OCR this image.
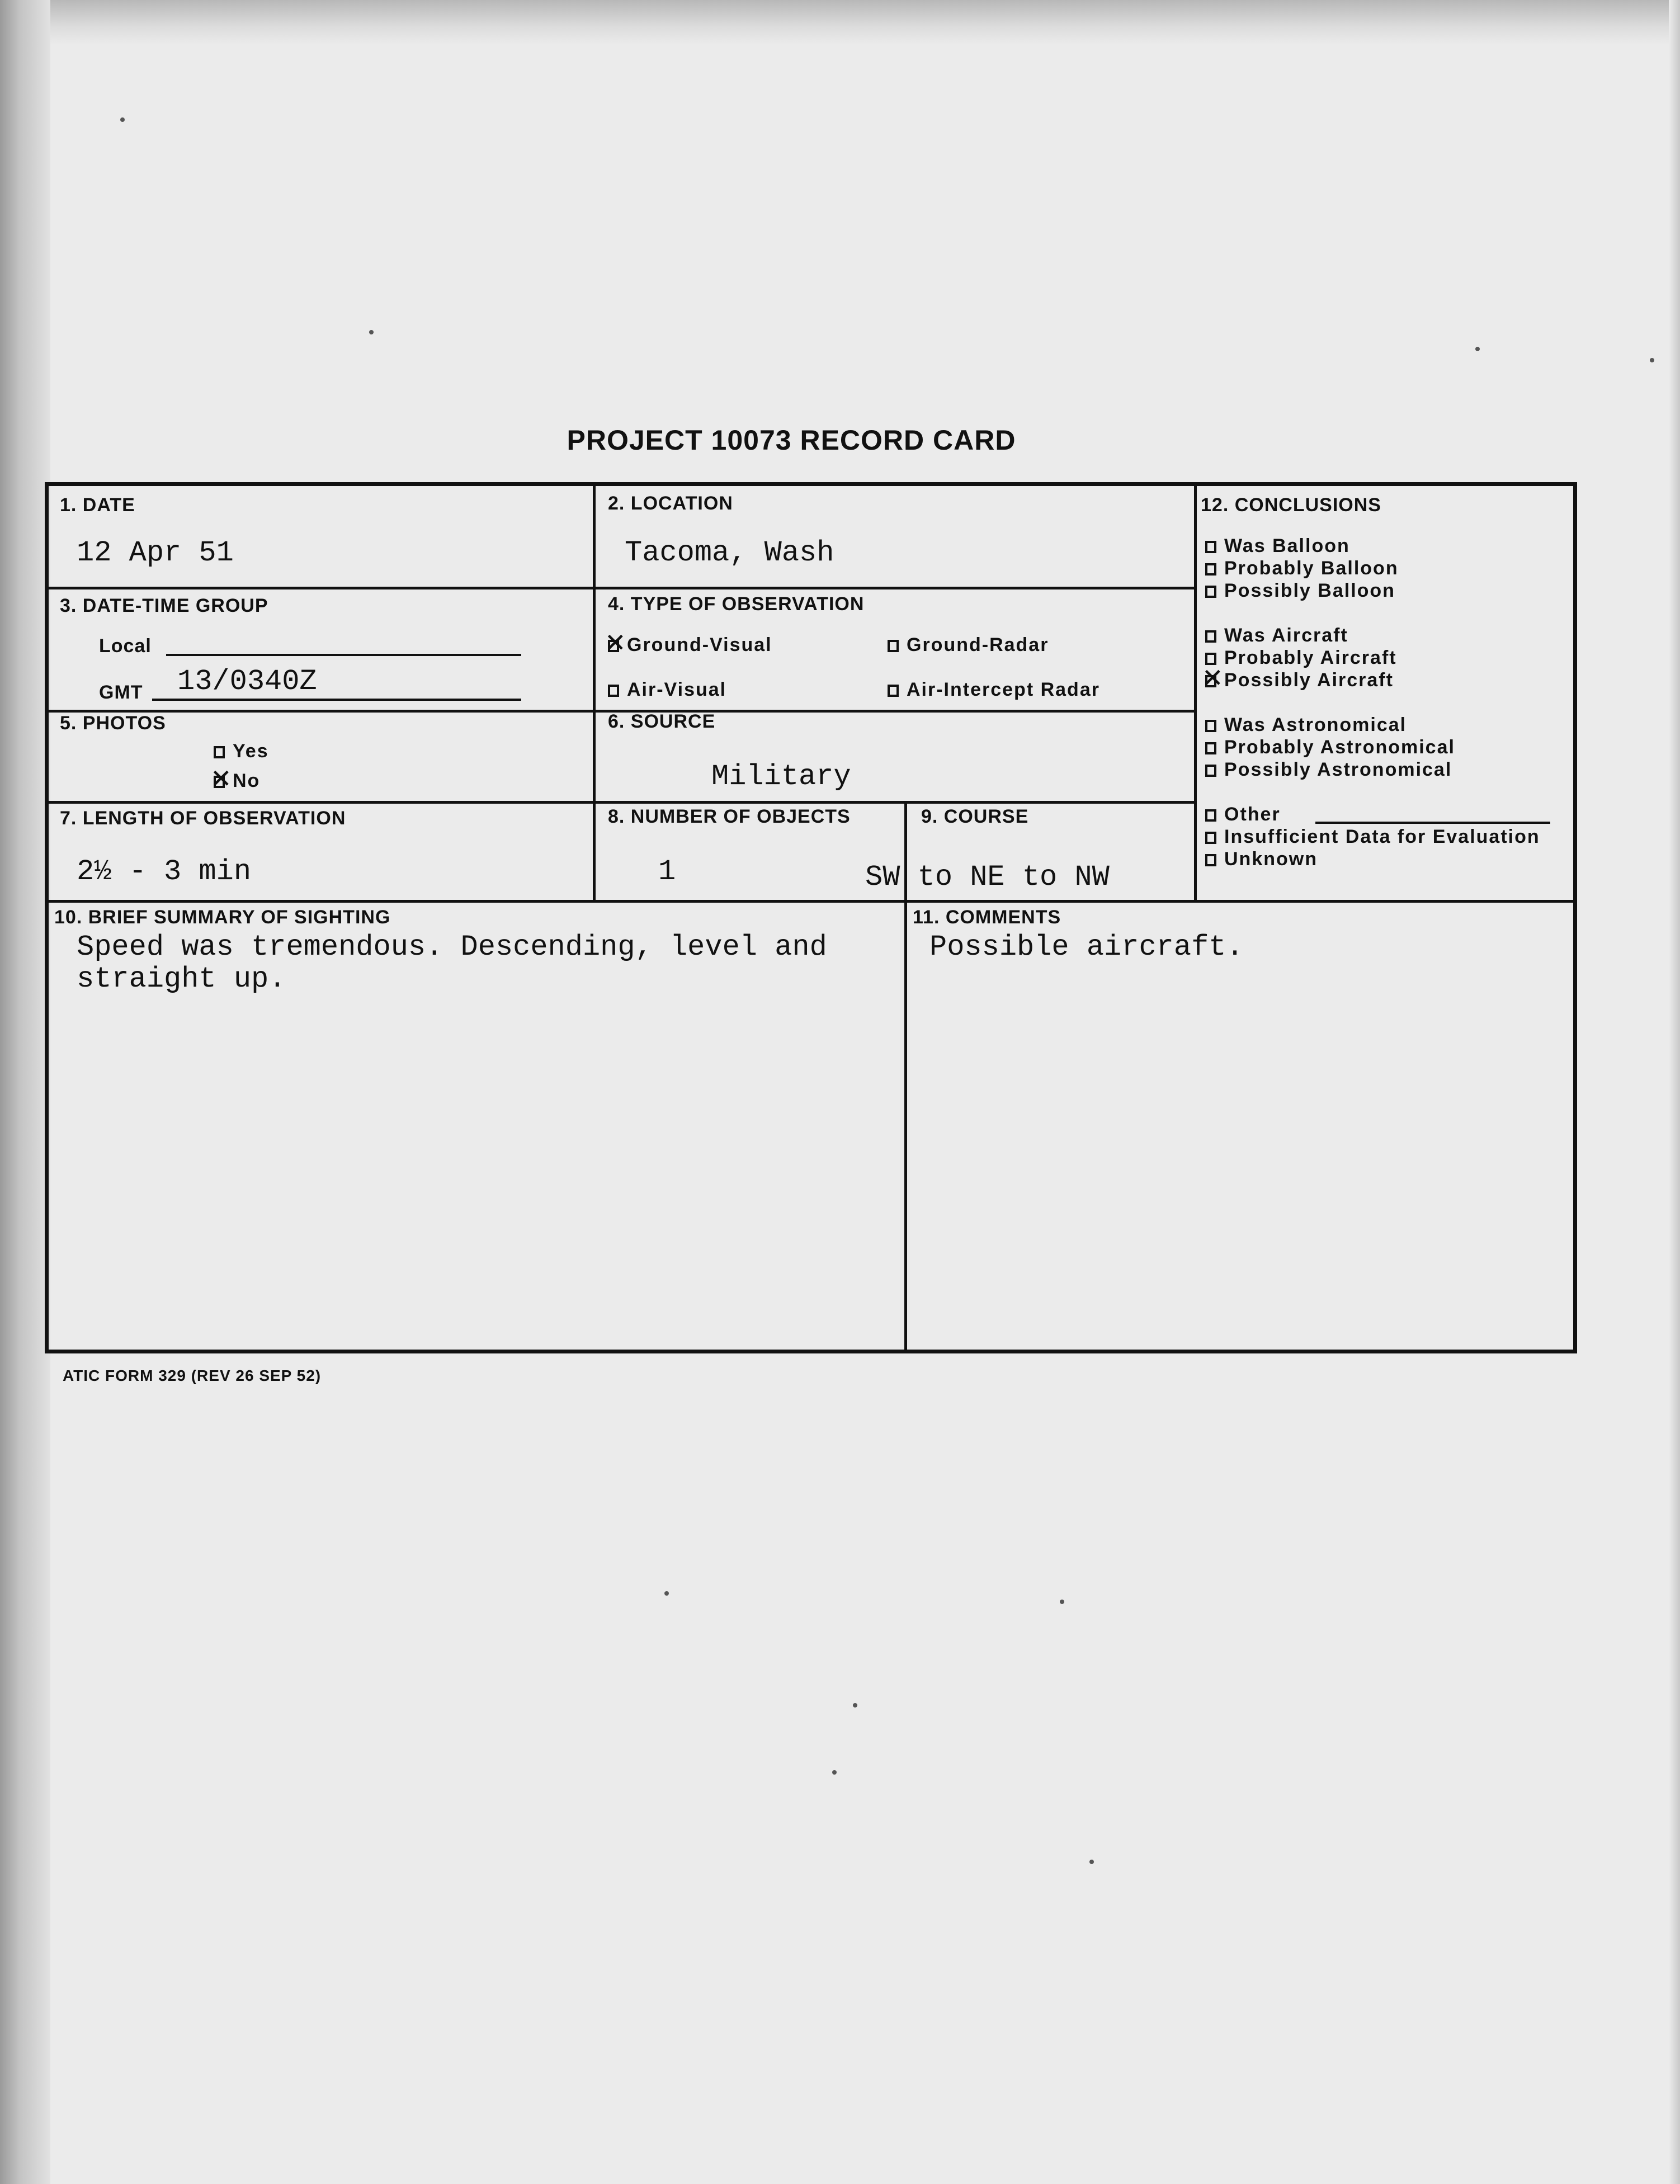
PROJECT 10073 RECORD CARD
1. DATE
12 Apr 51
2. LOCATION
Tacoma, Wash
3. DATE-TIME GROUP
Local
GMT 13/0340Z
4. TYPE OF OBSERVATION
✕Ground-Visual	Ground-Radar
Air-Visual	Air-Intercept Radar
5. PHOTOS
Yes
✕No
6. SOURCE
Military
7. LENGTH OF OBSERVATION
2½ - 3 min
8. NUMBER OF OBJECTS
1
9. COURSE
SW to NE to NW
10. BRIEF SUMMARY OF SIGHTING
Speed was tremendous. Descending, level and
straight up.
11. COMMENTS
Possible aircraft.
12. CONCLUSIONS
Was Balloon
Probably Balloon
Possibly Balloon
Was Aircraft
Probably Aircraft
✕Possibly Aircraft
Was Astronomical
Probably Astronomical
Possibly Astronomical
Other
Insufficient Data for Evaluation
Unknown
ATIC FORM 329 (REV 26 SEP 52)
